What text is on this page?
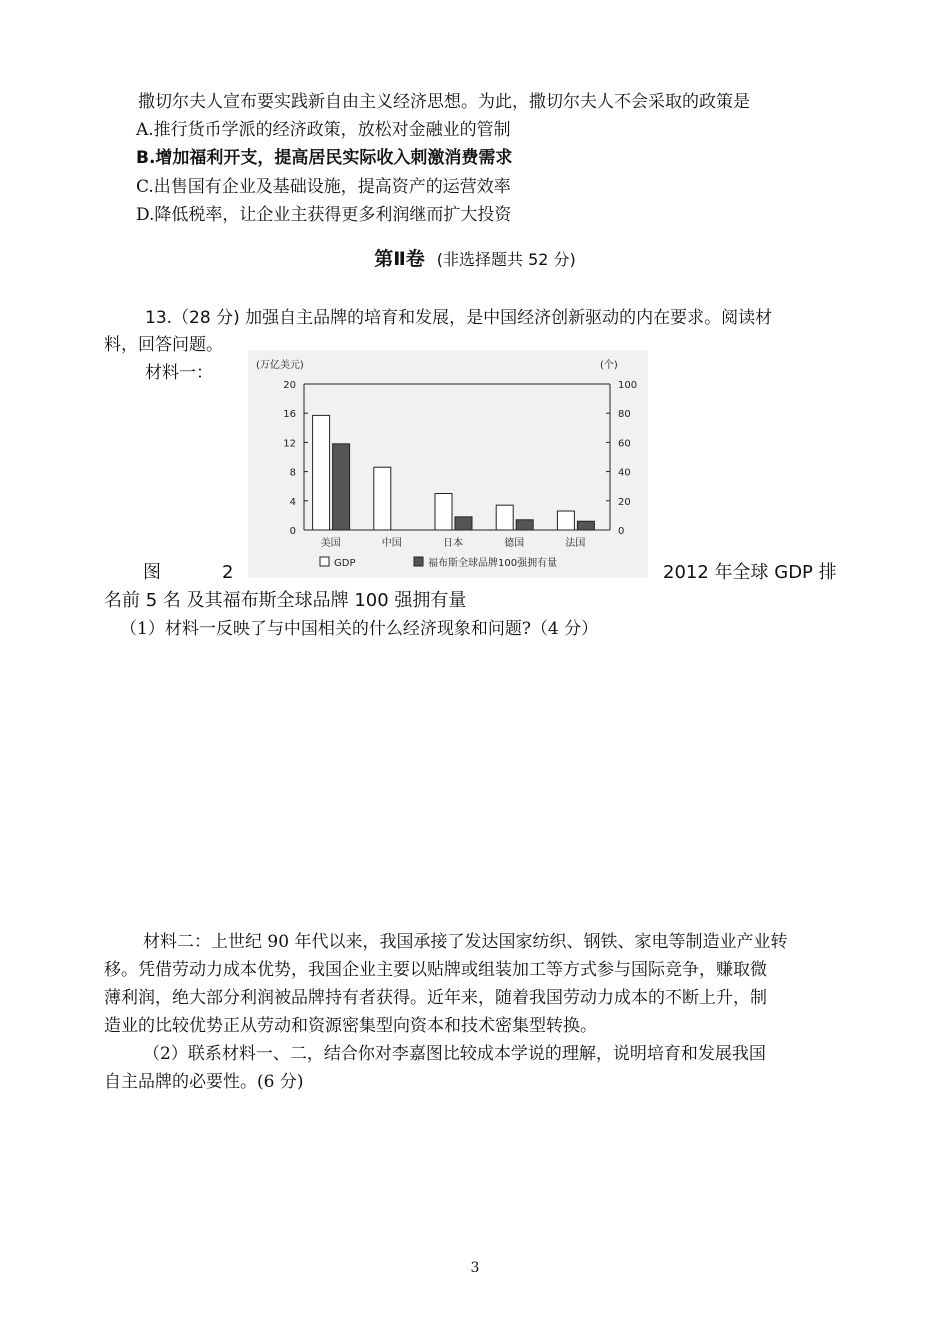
撒切尔夫人宣布要实践新自由主义经济思想。为此，撒切尔夫人不会采取的政策是
A.推行货币学派的经济政策，放松对金融业的管制
B.增加福利开支，提高居民实际收入刺激消费需求
C.出售国有企业及基础设施，提高资产的运营效率
D.降低税率，让企业主获得更多利润继而扩大投资
第Ⅱ卷 (非选择题共 52 分)
13.（28 分) 加强自主品牌的培育和发展，是中国经济创新驱动的内在要求。阅读材
料，回答问题。
材料一：	(万亿美元)	(个)
0
4
8
12
16
20
0
20
40
60
80
100
美国	中国	日本	德国	法国
GDP	福布斯全球品牌100强拥有量
图	2	2012 年全球 GDP 排
名前 5 名 及其福布斯全球品牌 100 强拥有量
（1）材料一反映了与中国相关的什么经济现象和问题?（4 分）
材料二：上世纪 90 年代以来，我国承接了发达国家纺织、钢铁、家电等制造业产业转
移。凭借劳动力成本优势，我国企业主要以贴牌或组装加工等方式参与国际竞争，赚取微
薄利润，绝大部分利润被品牌持有者获得。近年来，随着我国劳动力成本的不断上升，制
造业的比较优势正从劳动和资源密集型向资本和技术密集型转换。
（2）联系材料一、二，结合你对李嘉图比较成本学说的理解，说明培育和发展我国
自主品牌的必要性。(6 分)
3
